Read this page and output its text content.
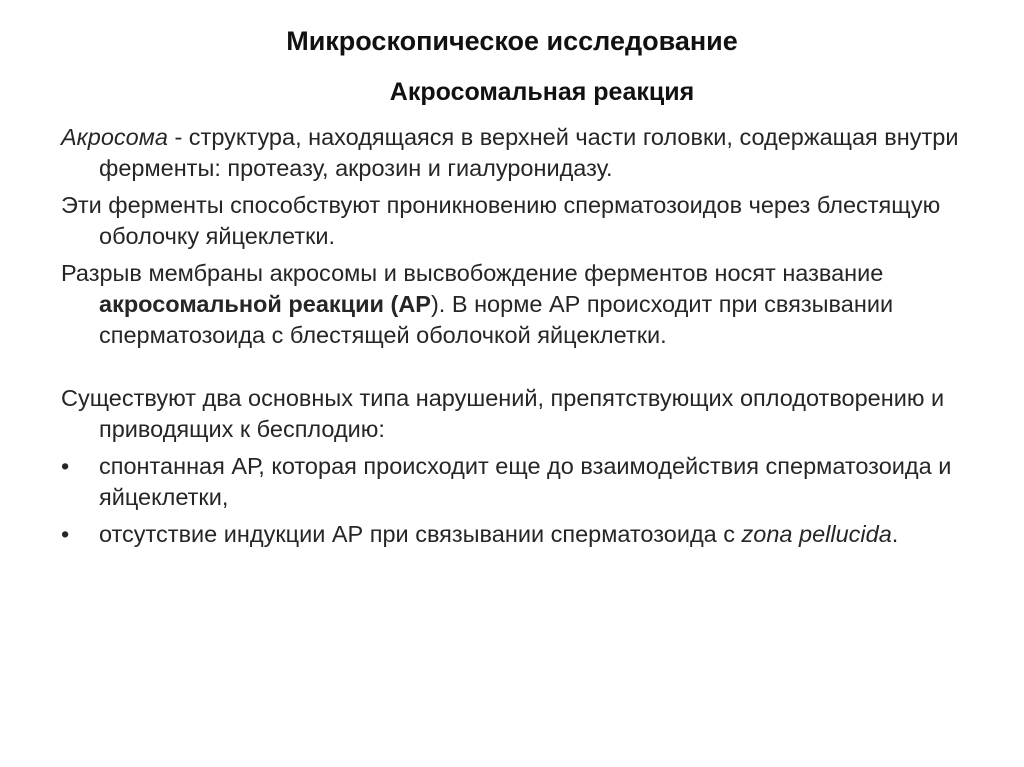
Микроскопическое исследование
Акросомальная реакция

Акросома - структура, находящаяся в верхней части головки, содержащая внутри ферменты: протеазу, акрозин и гиалуронидазу.

Эти ферменты способствуют проникновению сперматозоидов через блестящую оболочку яйцеклетки.

Разрыв мембраны акросомы и высвобождение ферментов носят название акросомальной реакции (АР). В норме АР происходит при связывании сперматозоида с блестящей оболочкой яйцеклетки.

Существуют два основных типа нарушений, препятствующих оплодотворению и приводящих к бесплодию:

•	спонтанная АР, которая происходит еще до взаимодействия сперматозоида и яйцеклетки,
•	отсутствие индукции АР при связывании сперматозоида с zona pellucida.
